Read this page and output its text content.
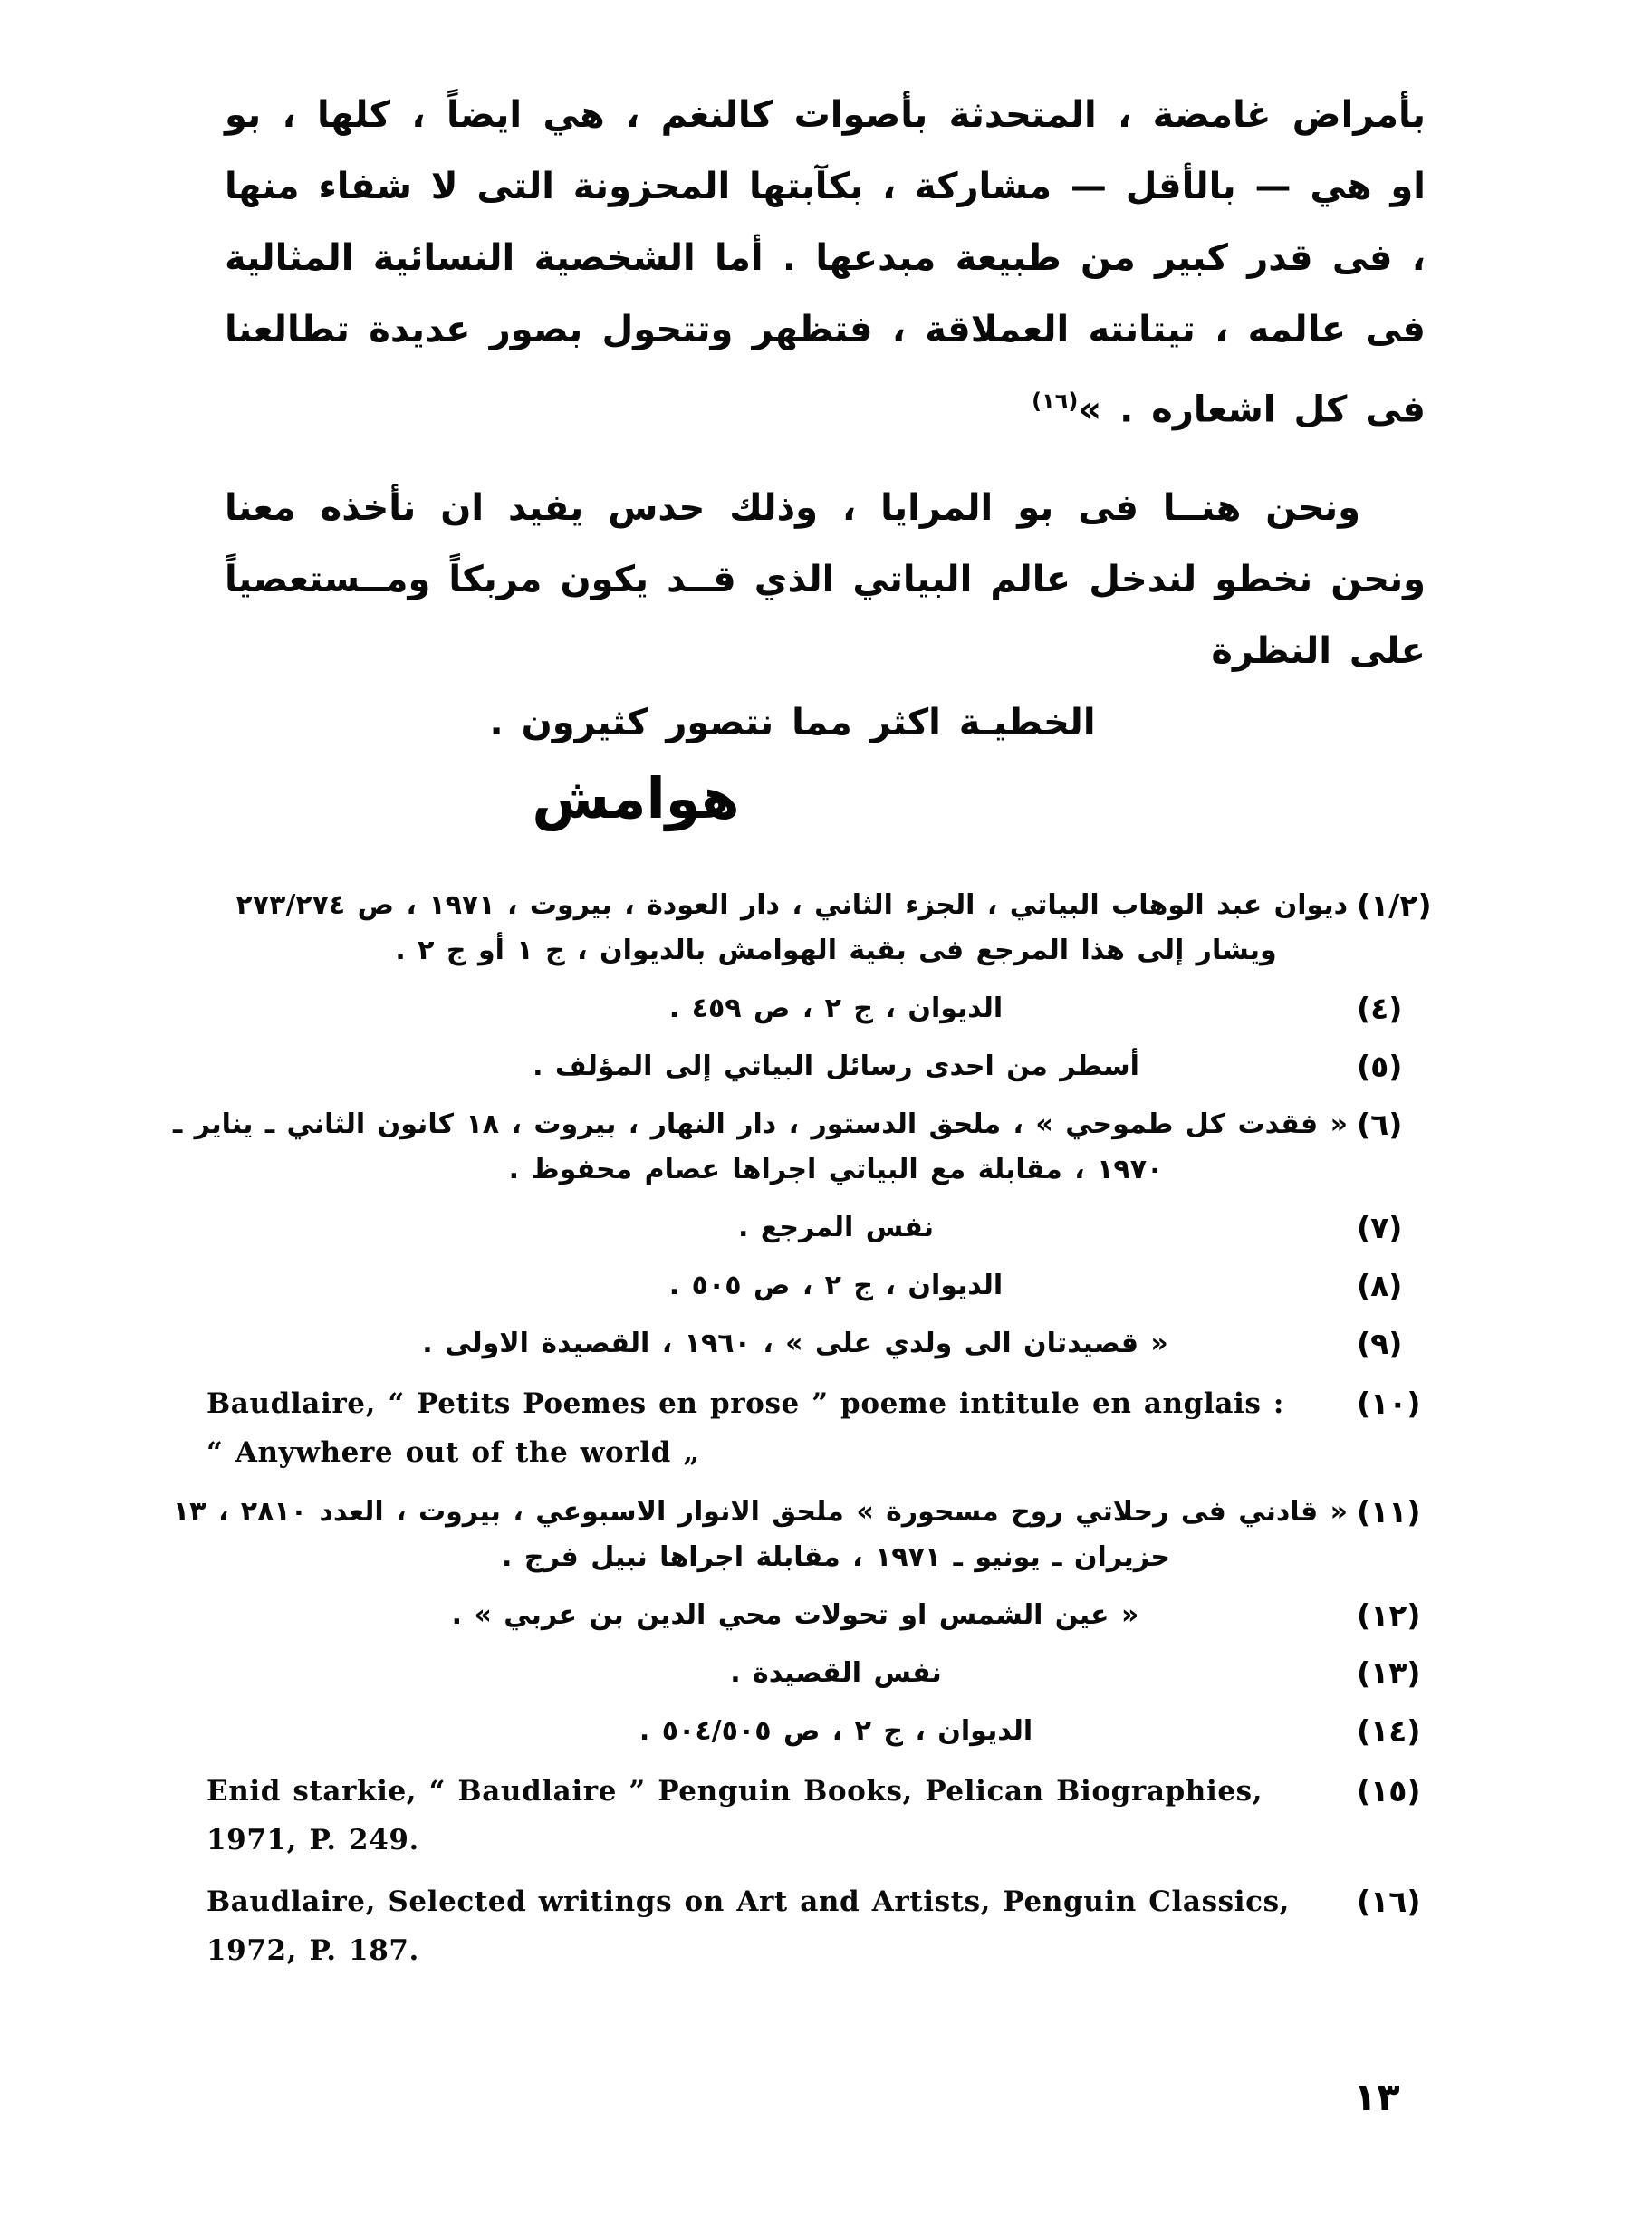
بأمراض غامضة ، المتحدثة بأصوات كالنغم ، هي ايضاً ، كلها ، بو او هي — بالأقل — مشاركة ، بكآبتها المحزونة التى لا شفاء منها ، فى قدر كبير من طبيعة مبدعها . أما الشخصية النسائية المثالية فى عالمه ، تيتانته العملاقة ، فتظهر وتتحول بصور عديدة تطالعنا فى كل اشعاره . »$^{(١٦)}$

ونحن هنــا فى بو المرايا ، وذلك حدس يفيد ان نأخذه معنا ونحن نخطو لندخل عالم البياتي الذي قــد يكون مربكاً ومــستعصياً على النظرة
الخطيـة اكثر مما نتصور كثيرون .

هوامش
(١/٢)
ديوان عبد الوهاب البياتي ، الجزء الثاني ، دار العودة ، بيروت ، ١٩٧١ ، ص ٢٧٣/٢٧٤
ويشار إلى هذا المرجع فى بقية الهوامش بالديوان ، ج ١ أو ج ٢ .
(٤)
الديوان ، ج ٢ ، ص ٤٥٩ .
(٥)
أسطر من احدى رسائل البياتي إلى المؤلف .
(٦)
« فقدت كل طموحي » ، ملحق الدستور ، دار النهار ، بيروت ، ١٨ كانون الثاني ـ يناير ـ
١٩٧٠ ، مقابلة مع البياتي اجراها عصام محفوظ .
(٧)
نفس المرجع .
(٨)
الديوان ، ج ٢ ، ص ٥٠٥ .
(٩)
« قصيدتان الى ولدي على » ، ١٩٦٠ ، القصيدة الاولى .
(١٠)
Baudlaire, “ Petits Poemes en prose ” poeme intitule en anglais :
“ Anywhere out of the world „
(١١)
« قادني فى رحلاتي روح مسحورة » ملحق الانوار الاسبوعي ، بيروت ، العدد ٢٨١٠ ، ١٣
حزيران ـ يونيو ـ ١٩٧١ ، مقابلة اجراها نبيل فرج .
(١٢)
« عين الشمس او تحولات محي الدين بن عربي » .
(١٣)
نفس القصيدة .
(١٤)
الديوان ، ج ٢ ، ص ٥٠٤/٥٠٥ .
(١٥)
Enid starkie, “ Baudlaire ” Penguin Books, Pelican Biographies,
1971, P. 249.
(١٦)
Baudlaire, Selected writings on Art and Artists, Penguin Classics,
1972, P. 187.
١٣
